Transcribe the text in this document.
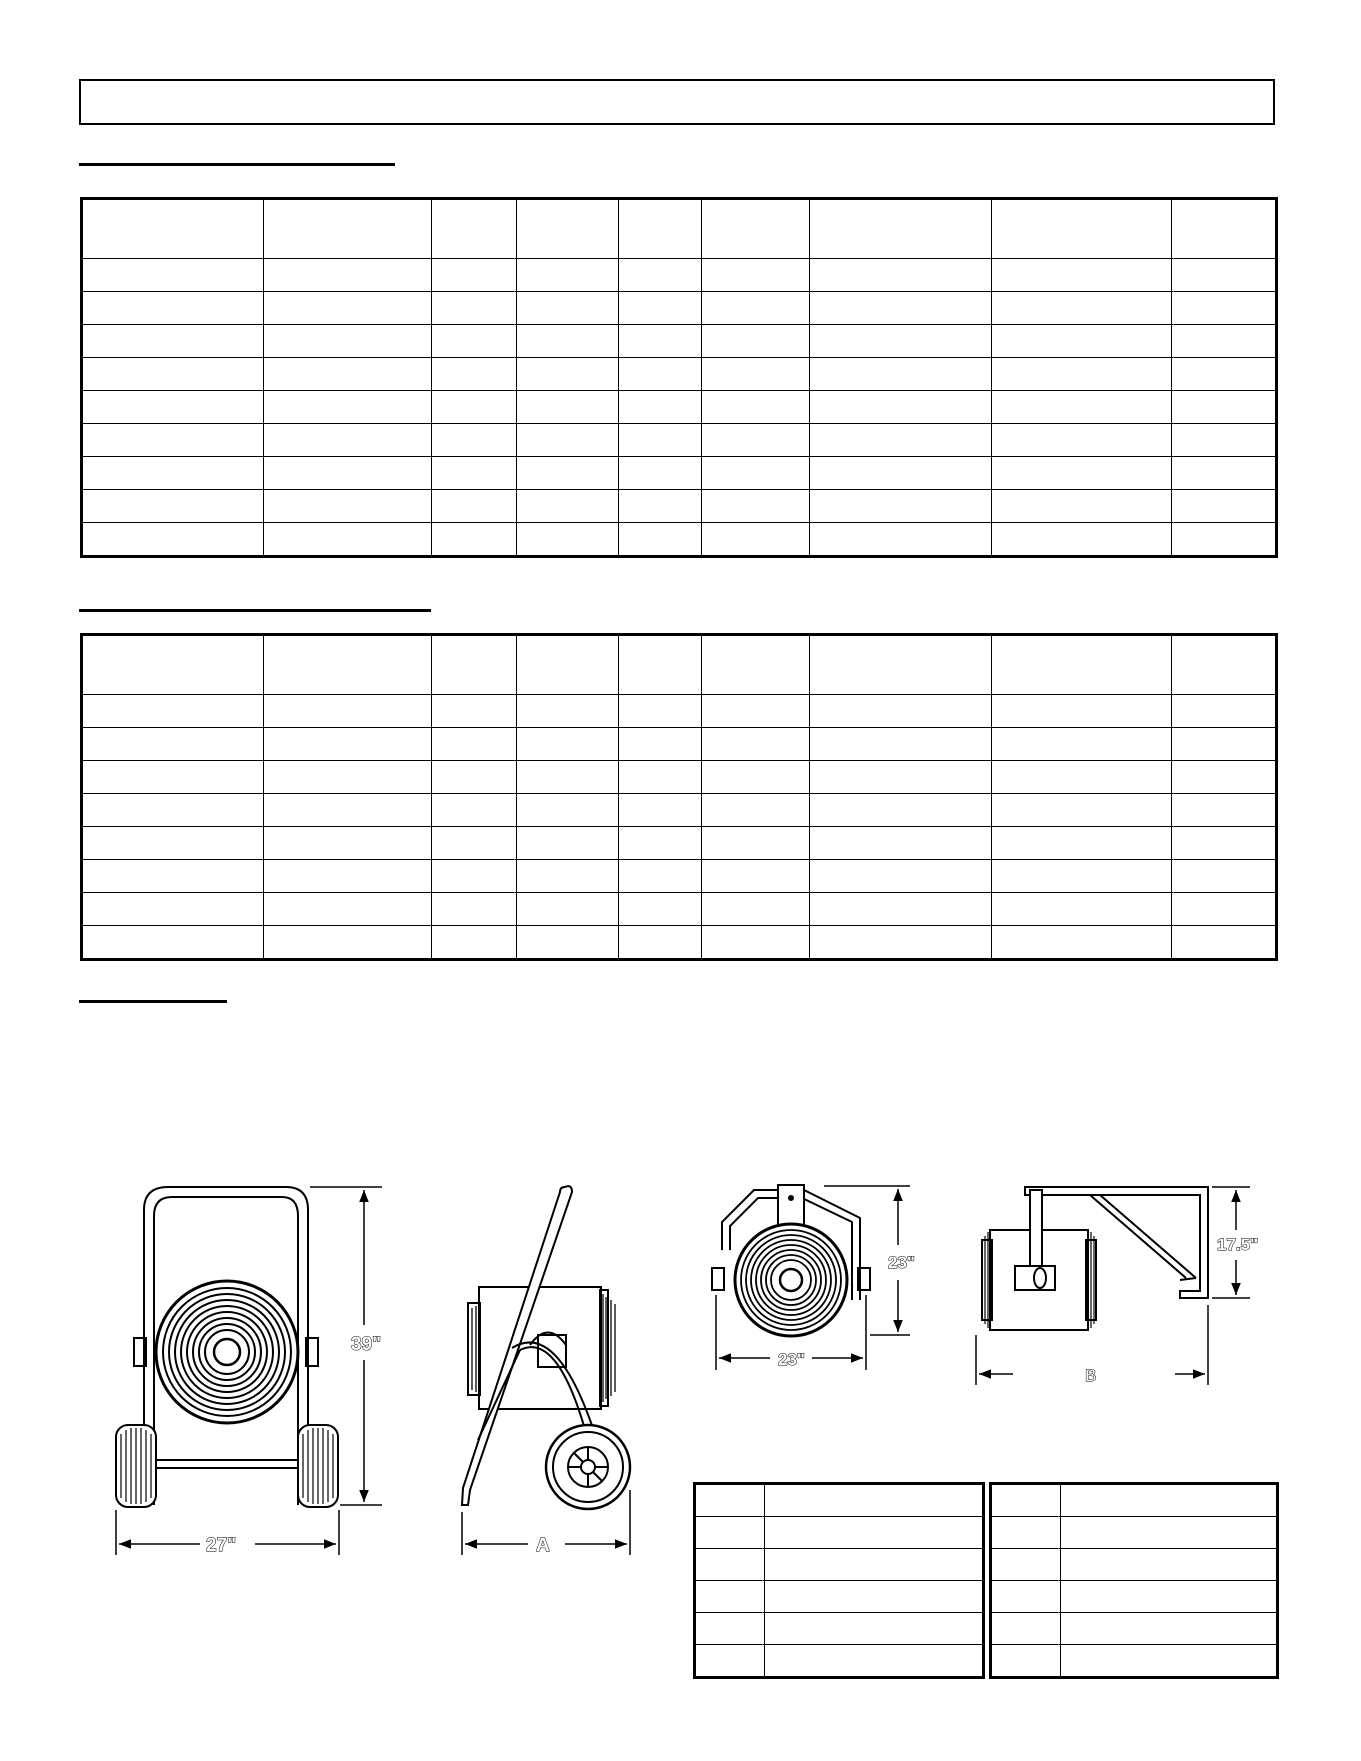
39"
27"	A
23"
23"
17.5"
B
